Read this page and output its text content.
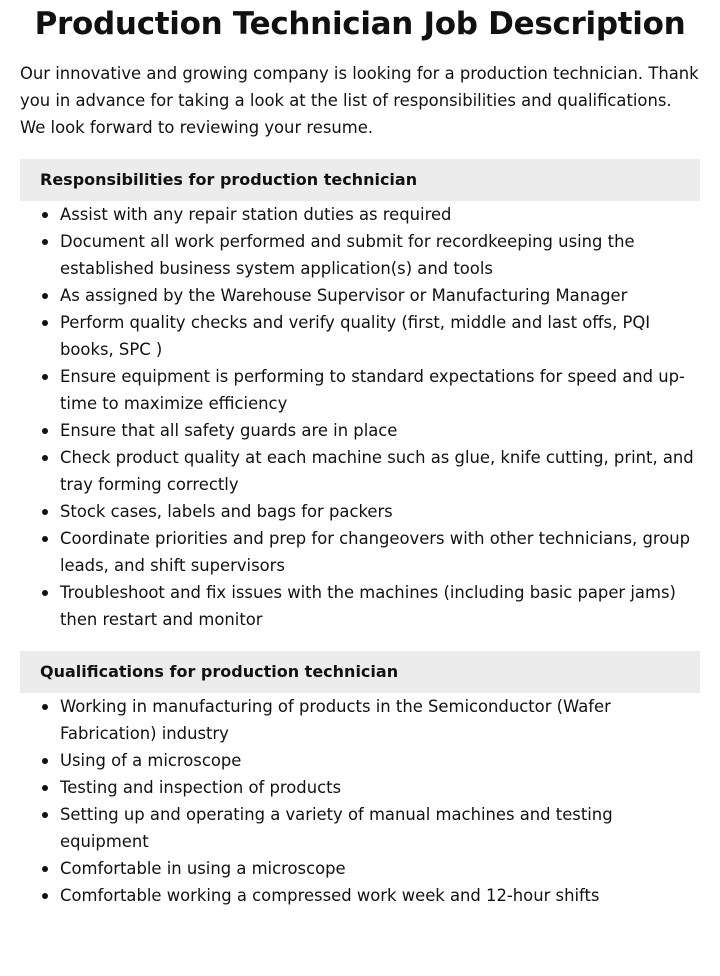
Production Technician Job Description

Our innovative and growing company is looking for a production technician. Thank you in advance for taking a look at the list of responsibilities and qualifications. We look forward to reviewing your resume.

Responsibilities for production technician
Assist with any repair station duties as required
Document all work performed and submit for recordkeeping using the established business system application(s) and tools
As assigned by the Warehouse Supervisor or Manufacturing Manager
Perform quality checks and verify quality (first, middle and last offs, PQI books, SPC )
Ensure equipment is performing to standard expectations for speed and up-time to maximize efficiency
Ensure that all safety guards are in place
Check product quality at each machine such as glue, knife cutting, print, and tray forming correctly
Stock cases, labels and bags for packers
Coordinate priorities and prep for changeovers with other technicians, group leads, and shift supervisors
Troubleshoot and fix issues with the machines (including basic paper jams) then restart and monitor
Qualifications for production technician
Working in manufacturing of products in the Semiconductor (Wafer Fabrication) industry
Using of a microscope
Testing and inspection of products
Setting up and operating a variety of manual machines and testing equipment
Comfortable in using a microscope
Comfortable working a compressed work week and 12-hour shifts
